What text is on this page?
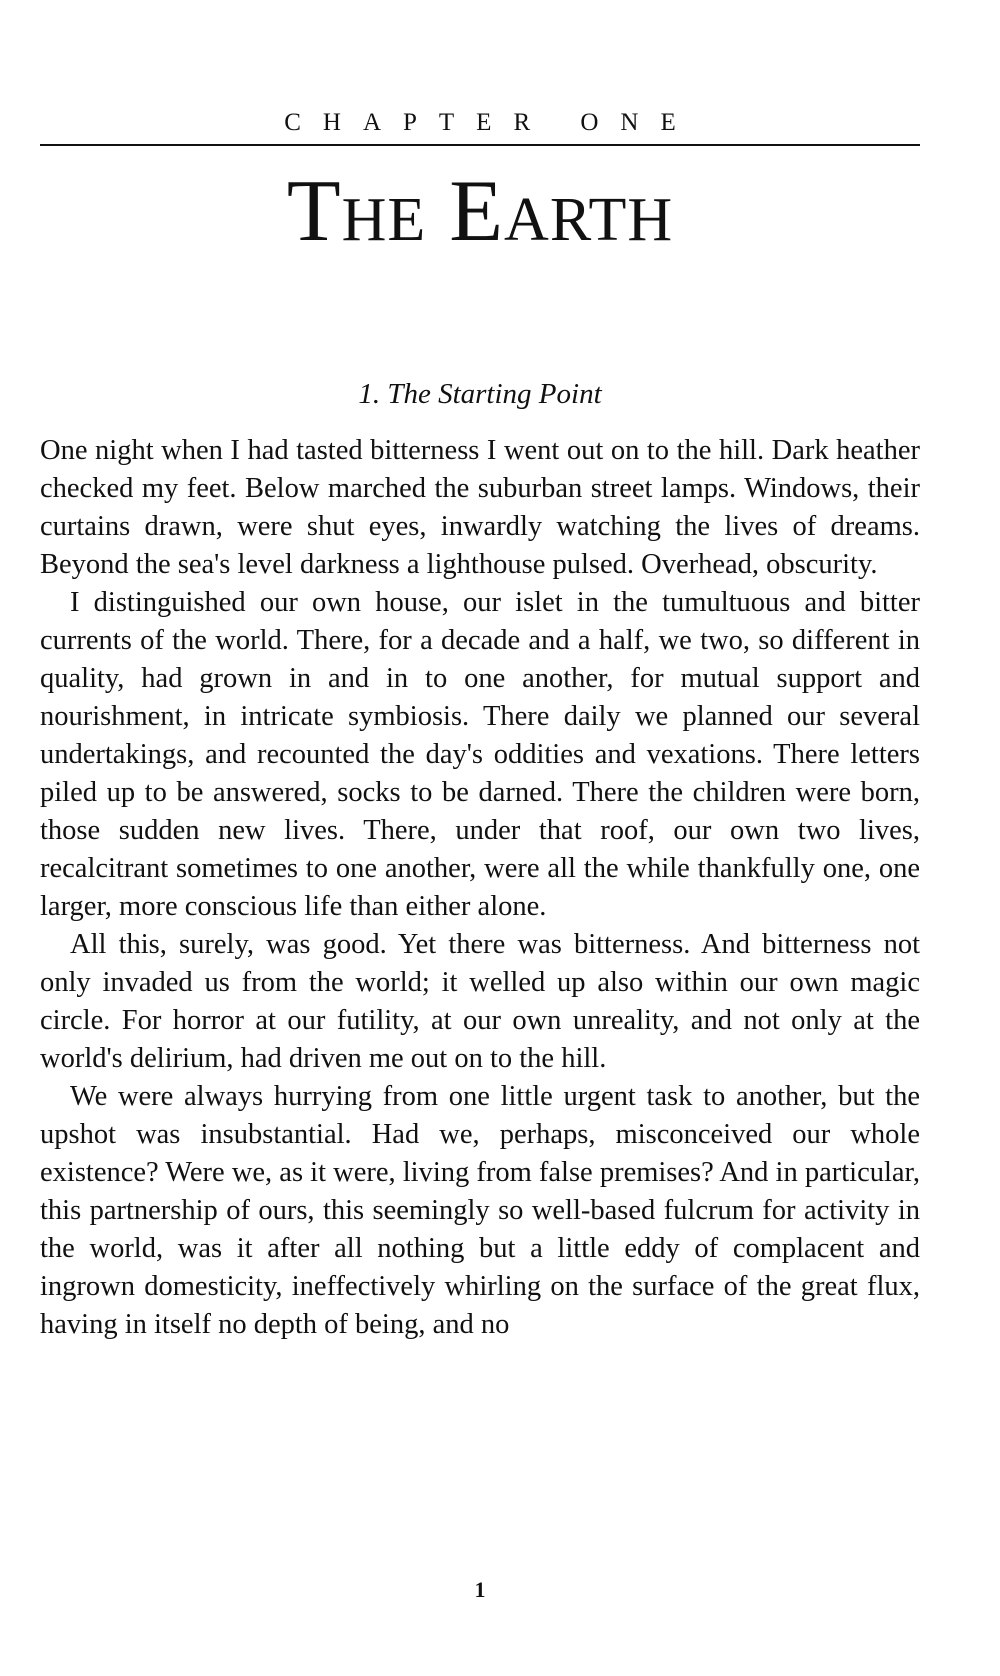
CHAPTER ONE
The Earth
1. The Starting Point

One night when I had tasted bitterness I went out on to the hill. Dark heather checked my feet. Below marched the suburban street lamps. Windows, their curtains drawn, were shut eyes, inwardly watching the lives of dreams. Beyond the sea's level darkness a lighthouse pulsed. Overhead, obscurity.

I distinguished our own house, our islet in the tumultuous and bitter currents of the world. There, for a decade and a half, we two, so different in quality, had grown in and in to one another, for mutual support and nourishment, in intricate symbiosis. There daily we planned our several undertakings, and recounted the day's oddities and vexations. There letters piled up to be answered, socks to be darned. There the children were born, those sudden new lives. There, under that roof, our own two lives, recalcitrant sometimes to one another, were all the while thankfully one, one larger, more conscious life than either alone.

All this, surely, was good. Yet there was bitterness. And bitterness not only invaded us from the world; it welled up also within our own magic circle. For horror at our futility, at our own unreality, and not only at the world's delirium, had driven me out on to the hill.

We were always hurrying from one little urgent task to another, but the upshot was insubstantial. Had we, perhaps, misconceived our whole existence? Were we, as it were, living from false premises? And in particular, this partnership of ours, this seemingly so well-based fulcrum for activity in the world, was it after all nothing but a little eddy of complacent and ingrown domesticity, ineffectively whirling on the surface of the great flux, having in itself no depth of being, and no

1
